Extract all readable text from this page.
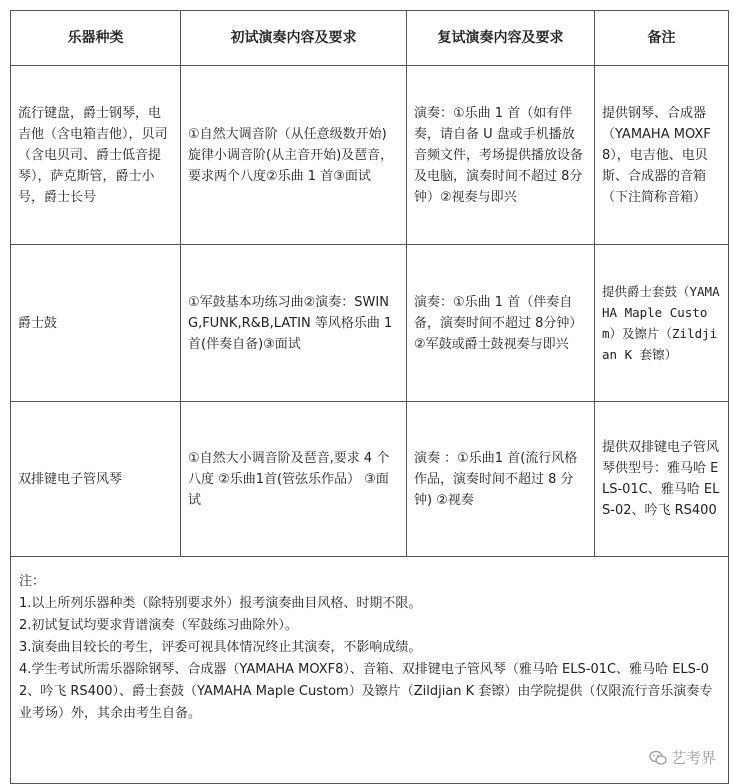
乐器种类	初试演奏内容及要求	复试演奏内容及要求	备注
流行键盘，爵士钢琴，电吉他（含电箱吉他），贝司（含电贝司、爵士低音提琴），萨克斯管，爵士小号，爵士长号	①自然大调音阶（从任意级数开始)旋律小调音阶(从主音开始)及琶音，要求两个八度②乐曲 1 首③面试	演奏：①乐曲 1 首（如有伴奏，请自备 U 盘或手机播放音频文件，考场提供播放设备及电脑，演奏时间不超过 8分钟）②视奏与即兴	提供钢琴、合成器（YAMAHA MOXF8），电吉他、电贝斯、合成器的音箱（下注简称音箱）
爵士鼓	①军鼓基本功练习曲②演奏：SWING,FUNK,R&B,LATIN 等风格乐曲 1 首(伴奏自备)③面试	演奏：①乐曲 1 首（伴奏自备，演奏时间不超过 8分钟）②军鼓或爵士鼓视奏与即兴	提供爵士套鼓（YAMAHA Maple Custom）及镲片（Zildjian K 套镲）
双排键电子管风琴	①自然大小调音阶及琶音,要求 4 个八度 ②乐曲1首(管弦乐作品） ③面试	演奏 ：①乐曲1 首(流行风格作品，演奏时间不超过 8 分钟) ②视奏	提供双排键电子管风琴供型号：雅马哈 ELS-01C、雅马哈 ELS-02、吟飞 RS400

注：
1.以上所列乐器种类（除特别要求外）报考演奏曲目风格、时期不限。
2.初试复试均要求背谱演奏（军鼓练习曲除外）。
3.演奏曲目较长的考生，评委可视具体情况终止其演奏，不影响成绩。
4.学生考试所需乐器除钢琴、合成器（YAMAHA MOXF8）、音箱、双排键电子管风琴（雅马哈 ELS-01C、雅马哈 ELS-02、吟飞 RS400）、爵士套鼓（YAMAHA Maple Custom）及镲片（Zildjian K 套镲）由学院提供（仅限流行音乐演奏专业考场）外，其余由考生自备。			
艺考界
